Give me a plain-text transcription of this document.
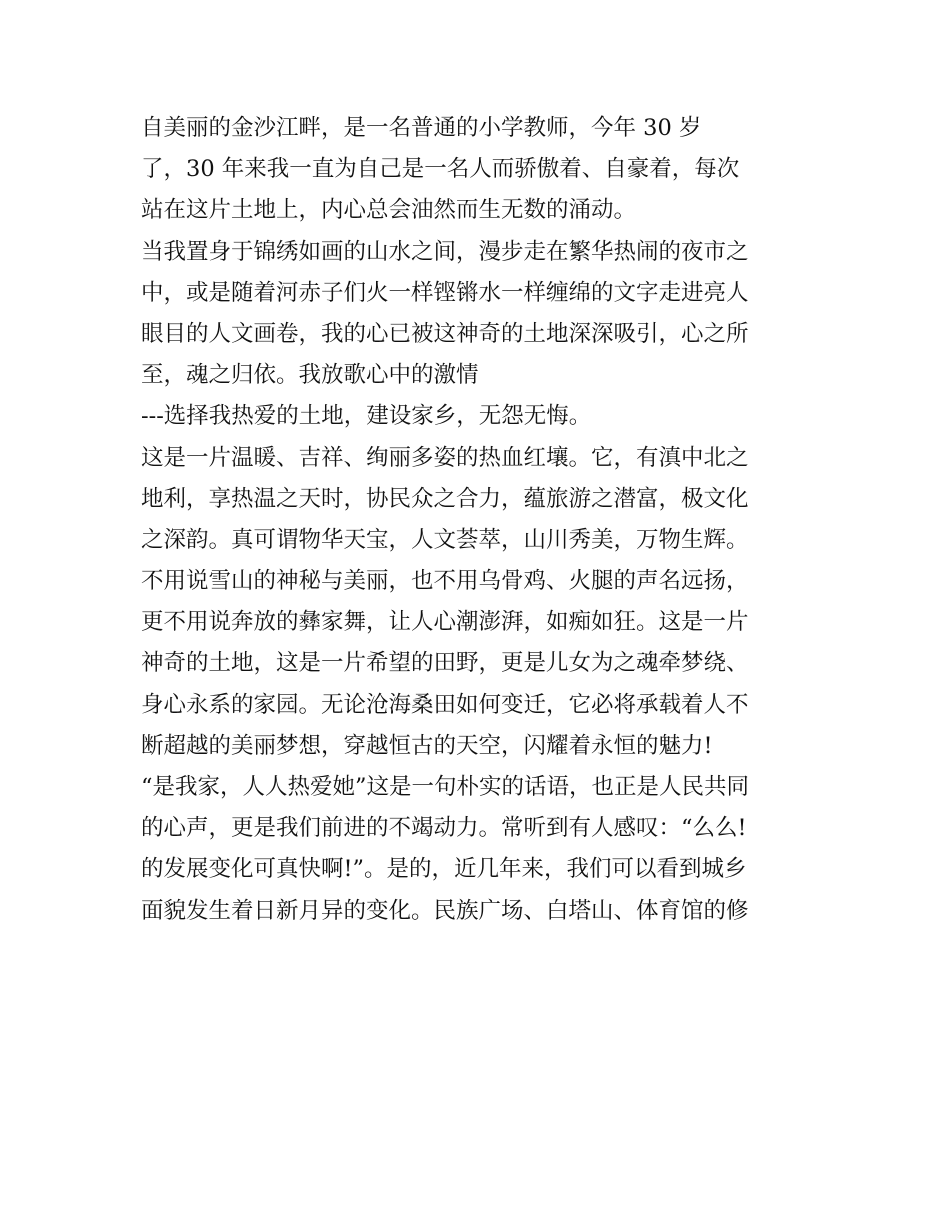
自美丽的金沙江畔，是一名普通的小学教师，今年 30 岁
了，30 年来我一直为自己是一名人而骄傲着、自豪着，每次
站在这片土地上，内心总会油然而生无数的涌动。
当我置身于锦绣如画的山水之间，漫步走在繁华热闹的夜市之
中，或是随着河赤子们火一样铿锵水一样缠绵的文字走进亮人
眼目的人文画卷，我的心已被这神奇的土地深深吸引，心之所
至，魂之归依。我放歌心中的激情
---选择我热爱的土地，建设家乡，无怨无悔。
这是一片温暖、吉祥、绚丽多姿的热血红壤。它，有滇中北之
地利，享热温之天时，协民众之合力，蕴旅游之潜富，极文化
之深韵。真可谓物华天宝，人文荟萃，山川秀美，万物生辉。
不用说雪山的神秘与美丽，也不用乌骨鸡、火腿的声名远扬，
更不用说奔放的彝家舞，让人心潮澎湃，如痴如狂。这是一片
神奇的土地，这是一片希望的田野，更是儿女为之魂牵梦绕、
身心永系的家园。无论沧海桑田如何变迁，它必将承载着人不
断超越的美丽梦想，穿越恒古的天空，闪耀着永恒的魅力!
“是我家，人人热爱她”这是一句朴实的话语，也正是人民共同
的心声，更是我们前进的不竭动力。常听到有人感叹：“么么!
的发展变化可真快啊!”。是的，近几年来，我们可以看到城乡
面貌发生着日新月异的变化。民族广场、白塔山、体育馆的修
